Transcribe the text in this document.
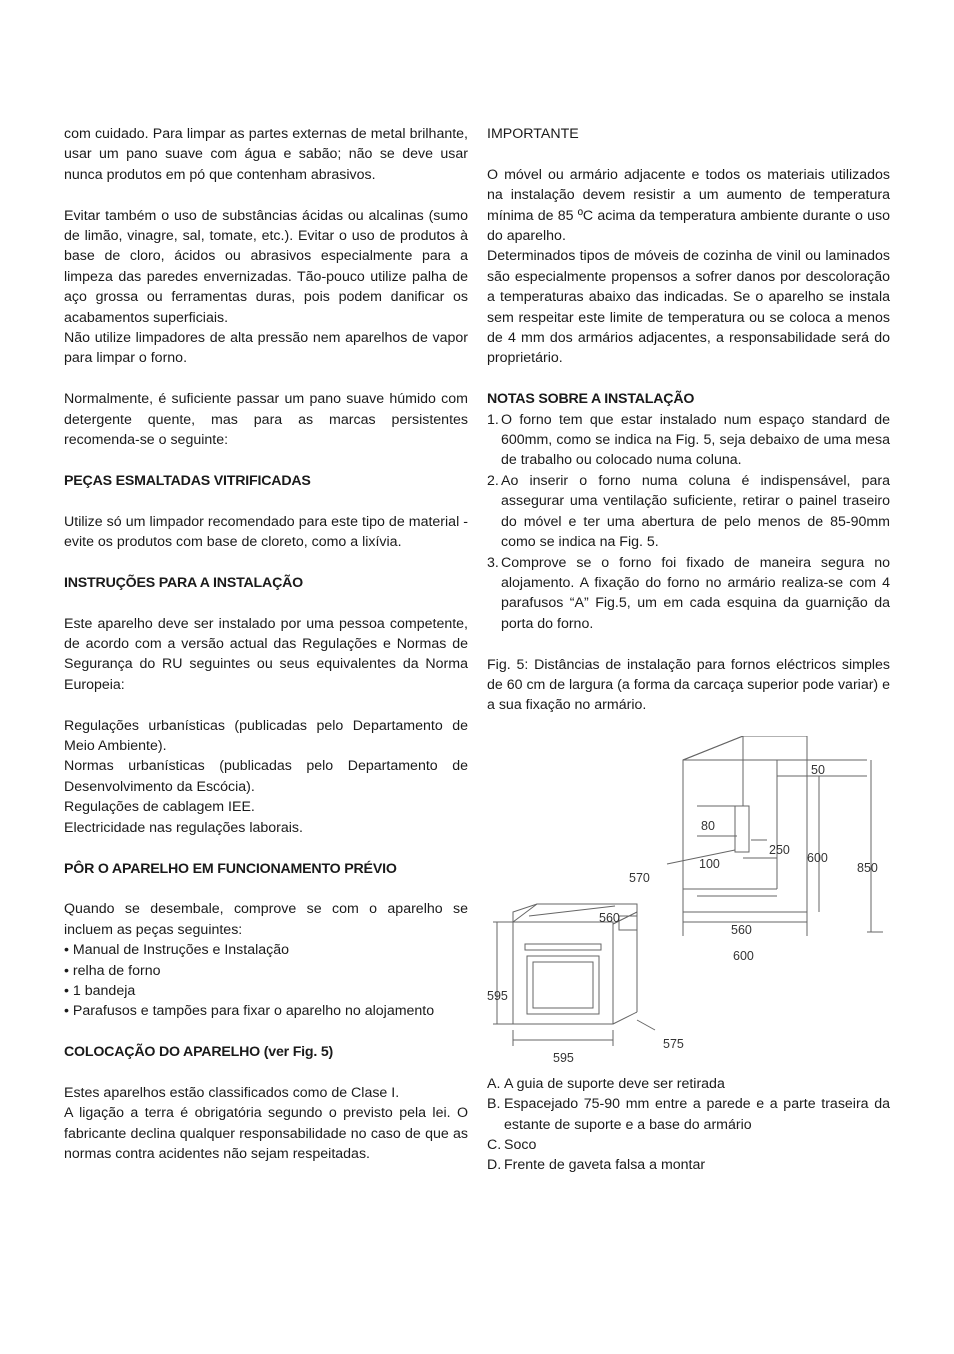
com cuidado. Para limpar as partes externas de metal brilhante, usar um pano suave com água e sabão; não se deve usar nunca produtos em pó que contenham abrasivos.

Evitar também o uso de substâncias ácidas ou alcalinas (sumo de limão, vinagre, sal, tomate, etc.). Evitar o uso de produtos à base de cloro, ácidos ou abrasivos especialmente para a limpeza das paredes envernizadas. Tão-pouco utilize palha de aço grossa ou ferramentas duras, pois podem danificar os acabamentos superficiais.

Não utilize limpadores de alta pressão nem aparelhos de vapor para limpar o forno.

Normalmente, é suficiente passar um pano suave húmido com detergente quente, mas para as marcas persistentes recomenda-se o seguinte:

PEÇAS ESMALTADAS VITRIFICADAS

Utilize só um limpador recomendado para este tipo de material - evite os produtos com base de cloreto, como a lixívia.

INSTRUÇÕES PARA A INSTALAÇÃO

Este aparelho deve ser instalado por uma pessoa competente, de acordo com a versão actual das Regulações e Normas de Segurança do RU seguintes ou seus equivalentes da Norma Europeia:

Regulações urbanísticas (publicadas pelo Departamento de Meio Ambiente).

Normas urbanísticas (publicadas pelo Departamento de Desenvolvimento da Escócia).

Regulações de cablagem IEE.

Electricidade nas regulações laborais.

PÔR O APARELHO EM FUNCIONAMENTO PRÉVIO

Quando se desembale, comprove se com o aparelho se incluem as peças seguintes:

• Manual de Instruções e Instalação
• relha de forno
• 1 bandeja
• Parafusos e tampões para fixar o aparelho no alojamento

COLOCAÇÃO DO APARELHO (ver Fig. 5)

Estes aparelhos estão classificados como de Clase I.

A ligação a terra é obrigatória segundo o previsto pela lei. O fabricante declina qualquer responsabilidade no caso de que as normas contra acidentes não sejam respeitadas.

IMPORTANTE

O móvel ou armário adjacente e todos os materiais utilizados na instalação devem resistir a um aumento de temperatura mínima de 85 ºC acima da temperatura ambiente durante o uso do aparelho.

Determinados tipos de móveis de cozinha de vinil ou laminados são especialmente propensos a sofrer danos por descoloração a temperaturas abaixo das indicadas. Se o aparelho se instala sem respeitar este limite de temperatura ou se coloca a menos de 4 mm dos armários adjacentes, a responsabilidade será do proprietário.

NOTAS SOBRE A INSTALAÇÃO

1. O forno tem que estar instalado num espaço standard de 600mm, como se indica na Fig. 5, seja debaixo de uma mesa de trabalho ou colocado numa coluna.
2. Ao inserir o forno numa coluna é indispensável, para assegurar uma ventilação suficiente, retirar o painel traseiro do móvel e ter uma abertura de pelo menos de 85-90mm como se indica na Fig. 5.
3. Comprove se o forno foi fixado de maneira segura no alojamento. A fixação do forno no armário realiza-se com 4 parafusos “A” Fig.5, um em cada esquina da guarnição da porta do forno.

Fig. 5: Distâncias de instalação para fornos eléctricos simples de 60 cm de largura (a forma da carcaça superior pode variar) e a sua fixação no armário.

50
80
250
600
850
100
570
560
560
600
595
575
595
A. A guia de suporte deve ser retirada
B. Espacejado 75-90 mm entre a parede e a parte traseira da estante de suporte e a base do armário
C. Soco
D. Frente de gaveta falsa a montar
